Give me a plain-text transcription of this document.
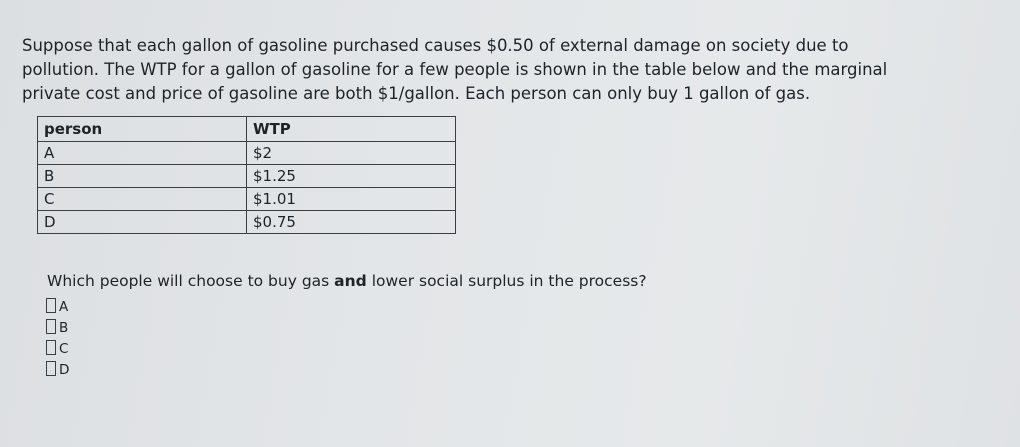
Suppose that each gallon of gasoline purchased causes $0.50 of external damage on society due to
pollution. The WTP for a gallon of gasoline for a few people is shown in the table below and the marginal
private cost and price of gasoline are both $1/gallon. Each person can only buy 1 gallon of gas.

person	WTP
A	$2
B	$1.25
C	$1.01
D	$0.75
Which people will choose to buy gas and lower social surplus in the process?
A
B
C
D
